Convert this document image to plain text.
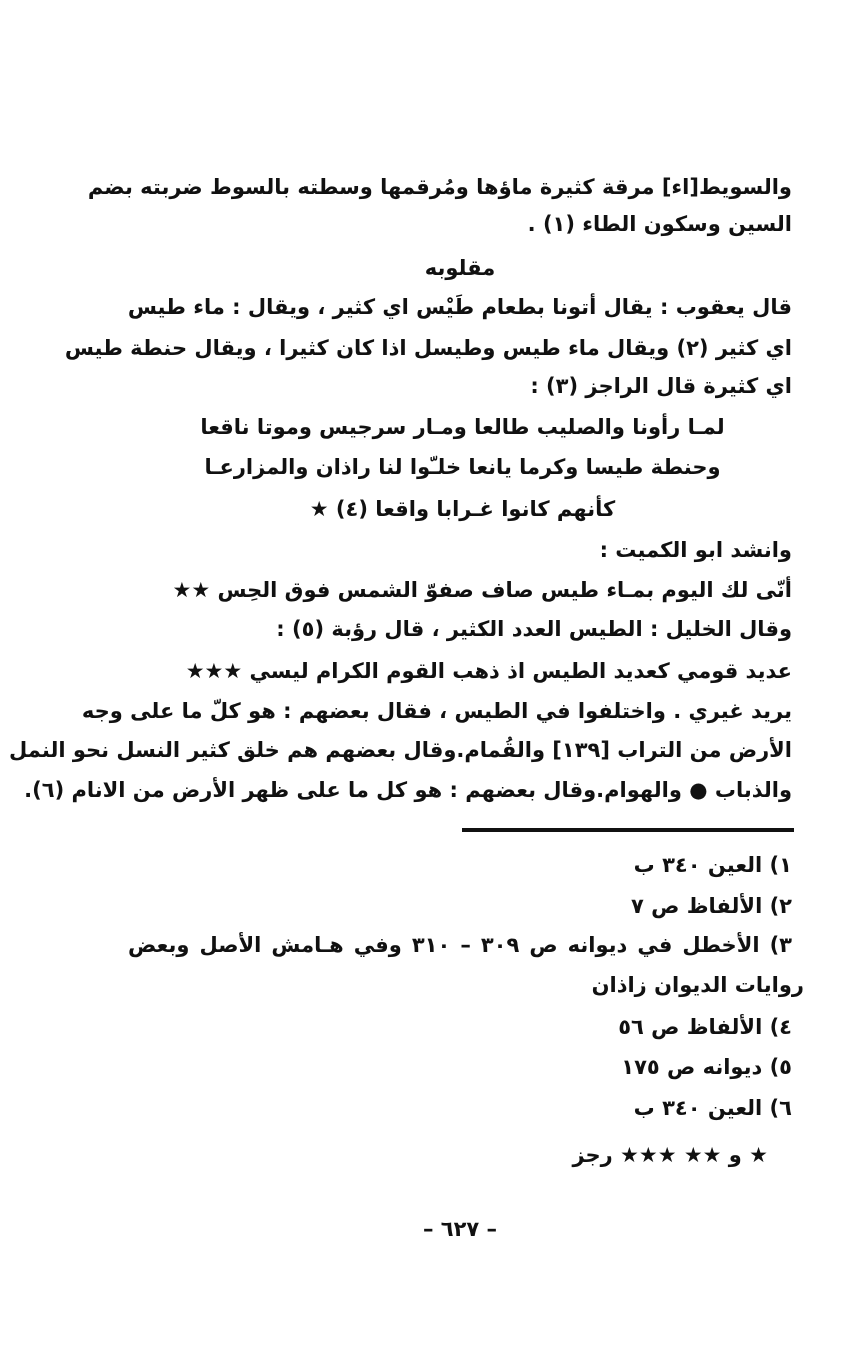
والسويط[اء] مرقة كثيرة ماؤها ومُرقمها وسطته بالسوط ضربته بضم
السين وسكون الطاء (١) .
مقلوبه
قال يعقوب : يقال أتونا بطعام طَيْس اي كثير ، ويقال : ماء طيس
اي كثير (٢) ويقال ماء طيس وطيسل اذا كان كثيرا ، ويقال حنطة طيس
اي كثيرة قال الراجز (٣) :
لمـا رأونا والصليب طالعا ومـار سرجيس وموتا ناقعا
وحنطة طيسا وكرما يانعا خلـّوا لنا راذان والمزارعـا
كأنهم كانوا غـرابا واقعا (٤) ★
وانشد ابو الكميت :
أنّى لك اليوم بمـاء طيس صاف صفوّ الشمس فوق الحِس ★★
وقال الخليل : الطيس العدد الكثير ، قال رؤبة (٥) :
عديد قومي كعديد الطيس اذ ذهب القوم الكرام ليسي ★★★
يريد غيري . واختلفوا في الطيس ، فقال بعضهم : هو كلّ ما على وجه
الأرض من التراب [١٣٩] والقُمام.وقال بعضهم هم خلق كثير النسل نحو النمل
والذباب ● والهوام.وقال بعضهم : هو كل ما على ظهر الأرض من الانام (٦).
١) العين ٣٤٠ ب
٢) الألفاظ ص ٧
٣) الأخطل في ديوانه ص ٣٠٩ – ٣١٠ وفي هـامش الأصل وبعض
روايات الديوان زاذان
٤) الألفاظ ص ٥٦
٥) ديوانه ص ١٧٥
٦) العين ٣٤٠ ب
★ و ★★ ★★★ رجز
– ٦٢٧ –
